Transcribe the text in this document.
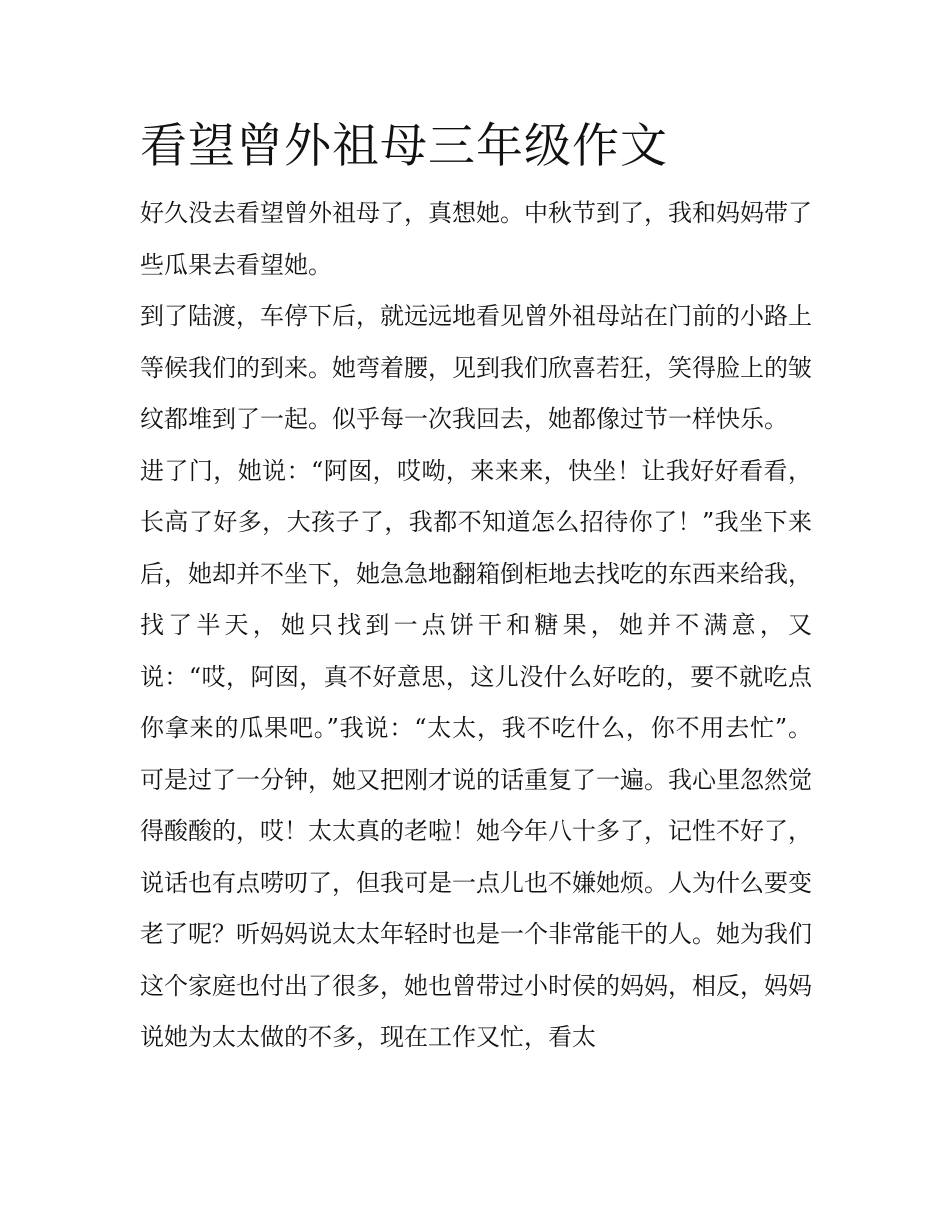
看望曾外祖母三年级作文

好久没去看望曾外祖母了，真想她。中秋节到了，我和妈妈带了些瓜果去看望她。

到了陆渡，车停下后，就远远地看见曾外祖母站在门前的小路上等候我们的到来。她弯着腰，见到我们欣喜若狂，笑得脸上的皱纹都堆到了一起。似乎每一次我回去，她都像过节一样快乐。

进了门，她说：“阿囡，哎呦，来来来，快坐！让我好好看看，长高了好多，大孩子了，我都不知道怎么招待你了！”我坐下来后，她却并不坐下，她急急地翻箱倒柜地去找吃的东西来给我，找了半天，她只找到一点饼干和糖果，她并不满意，又说：“哎，阿囡，真不好意思，这儿没什么好吃的，要不就吃点你拿来的瓜果吧。”我说：“太太，我不吃什么，你不用去忙”。可是过了一分钟，她又把刚才说的话重复了一遍。我心里忽然觉得酸酸的，哎！太太真的老啦！她今年八十多了，记性不好了，说话也有点唠叨了，但我可是一点儿也不嫌她烦。人为什么要变老了呢？听妈妈说太太年轻时也是一个非常能干的人。她为我们这个家庭也付出了很多，她也曾带过小时侯的妈妈，相反，妈妈说她为太太做的不多，现在工作又忙，看太
